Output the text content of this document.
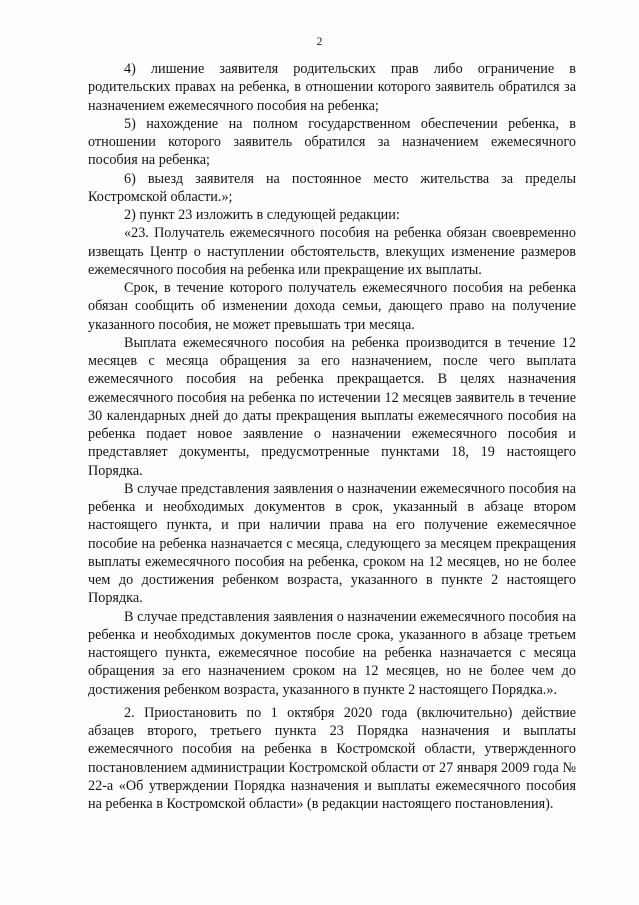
2

4) лишение заявителя родительских прав либо ограничение в родительских правах на ребенка, в отношении которого заявитель обратился за назначением ежемесячного пособия на ребенка;

5) нахождение на полном государственном обеспечении ребенка, в отношении которого заявитель обратился за назначением ежемесячного пособия на ребенка;

6) выезд заявителя на постоянное место жительства за пределы Костромской области.»;

2) пункт 23 изложить в следующей редакции:

«23. Получатель ежемесячного пособия на ребенка обязан своевременно извещать Центр о наступлении обстоятельств, влекущих изменение размеров ежемесячного пособия на ребенка или прекращение их выплаты.

Срок, в течение которого получатель ежемесячного пособия на ребенка обязан сообщить об изменении дохода семьи, дающего право на получение указанного пособия, не может превышать три месяца.

Выплата ежемесячного пособия на ребенка производится в течение 12 месяцев с месяца обращения за его назначением, после чего выплата ежемесячного пособия на ребенка прекращается. В целях назначения ежемесячного пособия на ребенка по истечении 12 месяцев заявитель в течение 30 календарных дней до даты прекращения выплаты ежемесячного пособия на ребенка подает новое заявление о назначении ежемесячного пособия и представляет документы, предусмотренные пунктами 18, 19 настоящего Порядка.

В случае представления заявления о назначении ежемесячного пособия на ребенка и необходимых документов в срок, указанный в абзаце втором настоящего пункта, и при наличии права на его получение ежемесячное пособие на ребенка назначается с месяца, следующего за месяцем прекращения выплаты ежемесячного пособия на ребенка, сроком на 12 месяцев, но не более чем до достижения ребенком возраста, указанного в пункте 2 настоящего Порядка.

В случае представления заявления о назначении ежемесячного пособия на ребенка и необходимых документов после срока, указанного в абзаце третьем настоящего пункта, ежемесячное пособие на ребенка назначается с месяца обращения за его назначением сроком на 12 месяцев, но не более чем до достижения ребенком возраста, указанного в пункте 2 настоящего Порядка.».

2. Приостановить по 1 октября 2020 года (включительно) действие абзацев второго, третьего пункта 23 Порядка назначения и выплаты ежемесячного пособия на ребенка в Костромской области, утвержденного постановлением администрации Костромской области от 27 января 2009 года № 22-а «Об утверждении Порядка назначения и выплаты ежемесячного пособия на ребенка в Костромской области» (в редакции настоящего постановления).
